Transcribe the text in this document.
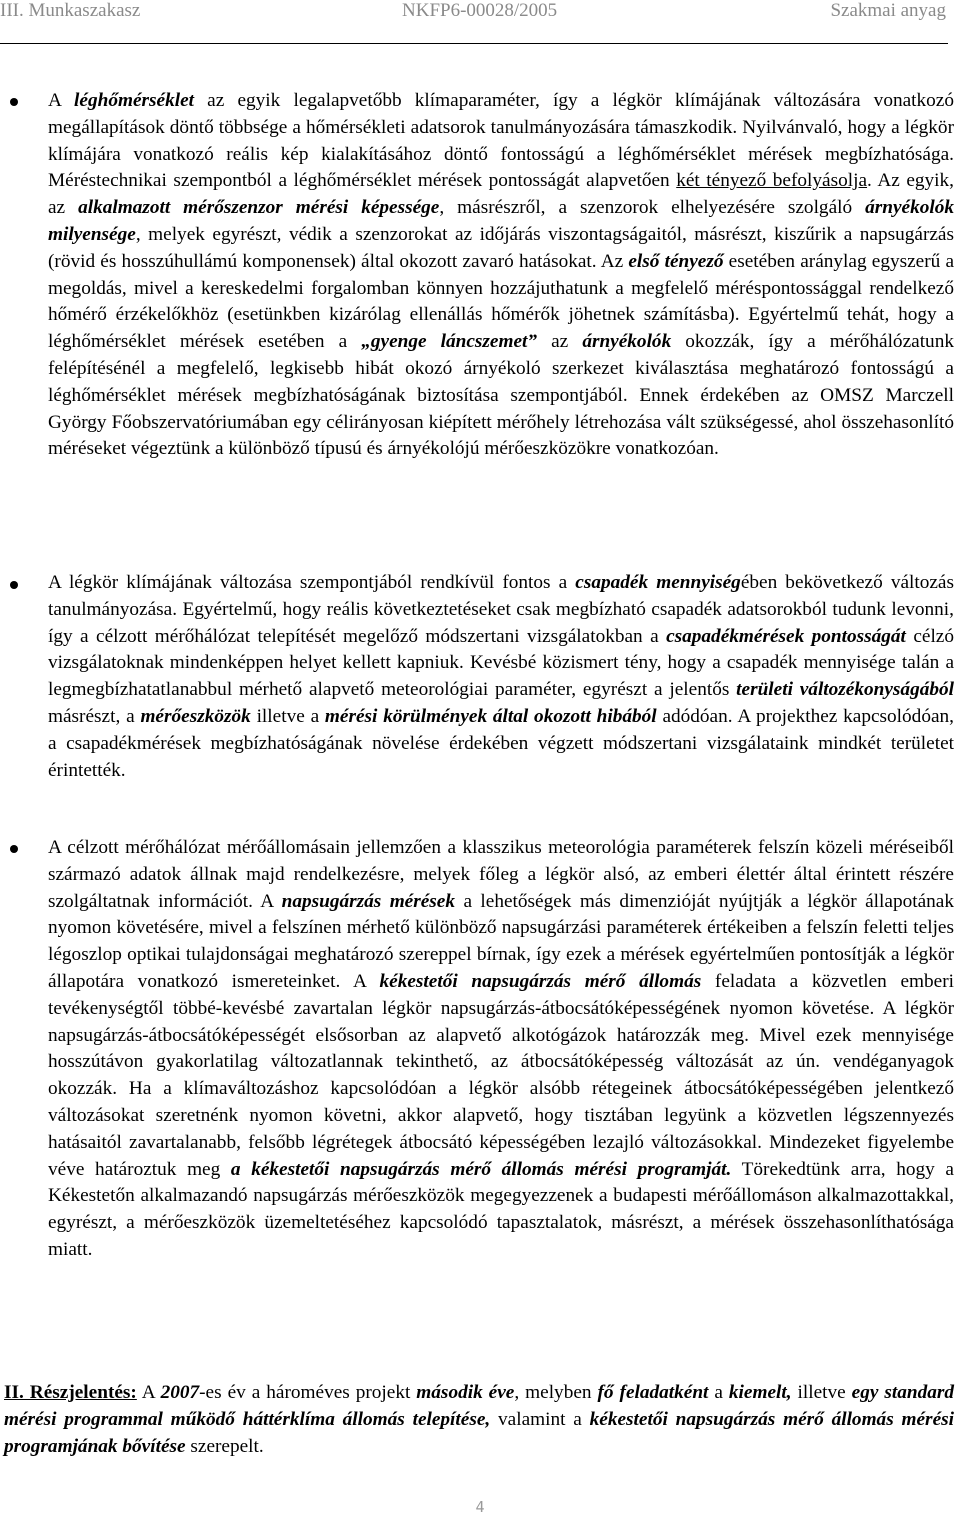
III. Munkaszakasz	NKFP6-00028/2005	Szakmai anyag
A léghőmérséklet az egyik legalapvetőbb klímaparaméter, így a légkör klímájának változására vonatkozó megállapítások döntő többsége a hőmérsékleti adatsorok tanulmányozására támaszkodik. Nyilvánvaló, hogy a légkör klímájára vonatkozó reális kép kialakításához döntő fontosságú a léghőmérséklet mérések megbízhatósága. Méréstechnikai szempontból a léghőmérséklet mérések pontosságát alapvetően két tényező befolyásolja. Az egyik, az alkalmazott mérőszenzor mérési képessége, másrészről, a szenzorok elhelyezésére szolgáló árnyékolók milyensége, melyek egyrészt, védik a szenzorokat az időjárás viszontagságaitól, másrészt, kiszűrik a napsugárzás (rövid és hosszúhullámú komponensek) által okozott zavaró hatásokat. Az első tényező esetében aránylag egyszerű a megoldás, mivel a kereskedelmi forgalomban könnyen hozzájuthatunk a megfelelő méréspontossággal rendelkező hőmérő érzékelőkhöz (esetünkben kizárólag ellenállás hőmérők jöhetnek számításba). Egyértelmű tehát, hogy a léghőmérséklet mérések esetében a „gyenge láncszemet” az árnyékolók okozzák, így a mérőhálózatunk felépítésénél a megfelelő, legkisebb hibát okozó árnyékoló szerkezet kiválasztása meghatározó fontosságú a léghőmérséklet mérések megbízhatóságának biztosítása szempontjából. Ennek érdekében az OMSZ Marczell György Főobszervatóriumában egy célirányosan kiépített mérőhely létrehozása vált szükségessé, ahol összehasonlító méréseket végeztünk a különböző típusú és árnyékolójú mérőeszközökre vonatkozóan.
A légkör klímájának változása szempontjából rendkívül fontos a csapadék mennyiségében bekövetkező változás tanulmányozása. Egyértelmű, hogy reális következtetéseket csak megbízható csapadék adatsorokból tudunk levonni, így a célzott mérőhálózat telepítését megelőző módszertani vizsgálatokban a csapadékmérések pontosságát célzó vizsgálatoknak mindenképpen helyet kellett kapniuk. Kevésbé közismert tény, hogy a csapadék mennyisége talán a legmegbízhatatlanabbul mérhető alapvető meteorológiai paraméter, egyrészt a jelentős területi változékonyságából másrészt, a mérőeszközök illetve a mérési körülmények által okozott hibából adódóan. A projekthez kapcsolódóan, a csapadékmérések megbízhatóságának növelése érdekében végzett módszertani vizsgálataink mindkét területet érintették.
A célzott mérőhálózat mérőállomásain jellemzően a klasszikus meteorológia paraméterek felszín közeli méréseiből származó adatok állnak majd rendelkezésre, melyek főleg a légkör alsó, az emberi élettér által érintett részére szolgáltatnak információt. A napsugárzás mérések a lehetőségek más dimenzióját nyújtják a légkör állapotának nyomon követésére, mivel a felszínen mérhető különböző napsugárzási paraméterek értékeiben a felszín feletti teljes légoszlop optikai tulajdonságai meghatározó szereppel bírnak, így ezek a mérések egyértelműen pontosítják a légkör állapotára vonatkozó ismereteinket. A kékestetői napsugárzás mérő állomás feladata a közvetlen emberi tevékenységtől többé-kevésbé zavartalan légkör napsugárzás-átbocsátóképességének nyomon követése. A légkör napsugárzás-átbocsátóképességét elsősorban az alapvető alkotógázok határozzák meg. Mivel ezek mennyisége hosszútávon gyakorlatilag változatlannak tekinthető, az átbocsátóképesség változását az ún. vendéganyagok okozzák. Ha a klímaváltozáshoz kapcsolódóan a légkör alsóbb rétegeinek átbocsátóképességében jelentkező változásokat szeretnénk nyomon követni, akkor alapvető, hogy tisztában legyünk a közvetlen légszennyezés hatásaitól zavartalanabb, felsőbb légrétegek átbocsátó képességében lezajló változásokkal. Mindezeket figyelembe véve határoztuk meg a kékestetői napsugárzás mérő állomás mérési programját. Törekedtünk arra, hogy a Kékestetőn alkalmazandó napsugárzás mérőeszközök megegyezzenek a budapesti mérőállomáson alkalmazottakkal, egyrészt, a mérőeszközök üzemeltetéséhez kapcsolódó tapasztalatok, másrészt, a mérések összehasonlíthatósága miatt.
II. Részjelentés: A 2007-es év a hároméves projekt második éve, melyben fő feladatként a kiemelt, illetve egy standard mérési programmal működő háttérklíma állomás telepítése, valamint a kékestetői napsugárzás mérő állomás mérési programjának bővítése szerepelt.
4
